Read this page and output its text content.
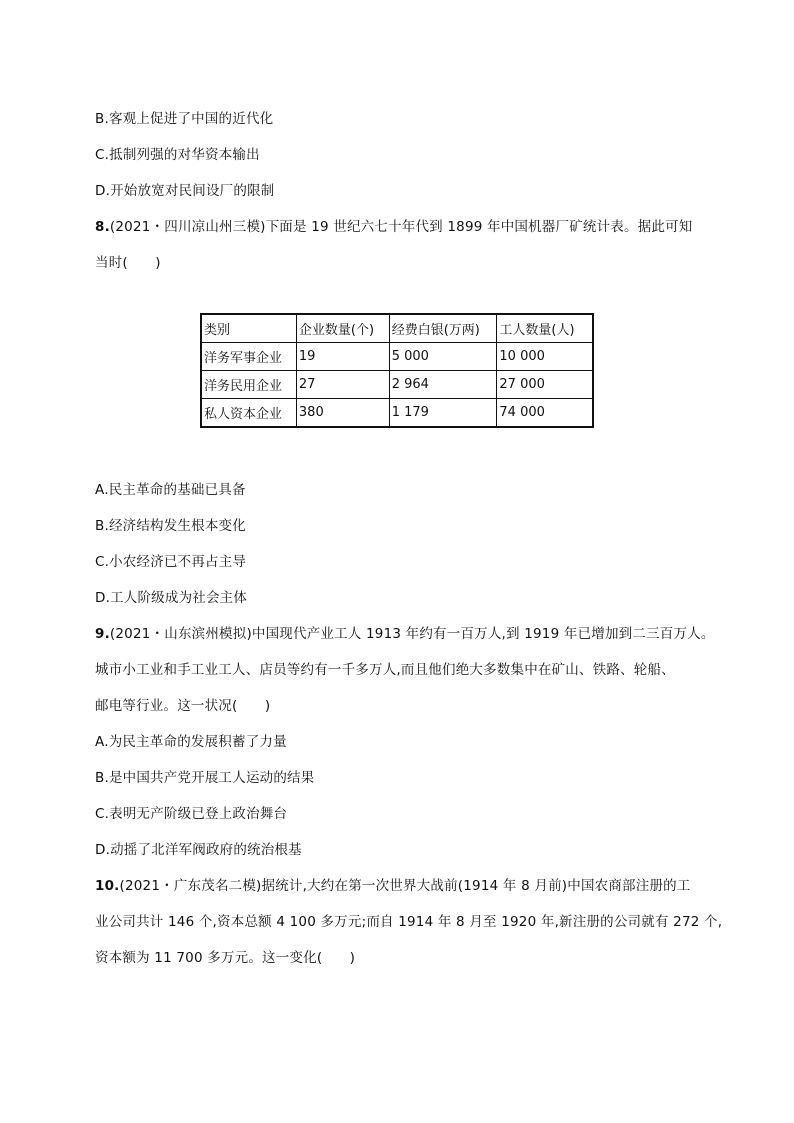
B.客观上促进了中国的近代化
C.抵制列强的对华资本输出
D.开始放宽对民间设厂的限制
8.(2021・四川凉山州三模)下面是 19 世纪六七十年代到 1899 年中国机器厂矿统计表。据此可知
当时(　　)
类别	企业数量(个)	经费白银(万两)	工人数量(人)
洋务军事企业	19	5 000	10 000
洋务民用企业	27	2 964	27 000
私人资本企业	380	1 179	74 000
A.民主革命的基础已具备
B.经济结构发生根本变化
C.小农经济已不再占主导
D.工人阶级成为社会主体
9.(2021・山东滨州模拟)中国现代产业工人 1913 年约有一百万人,到 1919 年已增加到二三百万人。
城市小工业和手工业工人、店员等约有一千多万人,而且他们绝大多数集中在矿山、铁路、轮船、
邮电等行业。这一状况(　　)
A.为民主革命的发展积蓄了力量
B.是中国共产党开展工人运动的结果
C.表明无产阶级已登上政治舞台
D.动摇了北洋军阀政府的统治根基
10.(2021・广东茂名二模)据统计,大约在第一次世界大战前(1914 年 8 月前)中国农商部注册的工
业公司共计 146 个,资本总额 4 100 多万元;而自 1914 年 8 月至 1920 年,新注册的公司就有 272 个,
资本额为 11 700 多万元。这一变化(　　)
